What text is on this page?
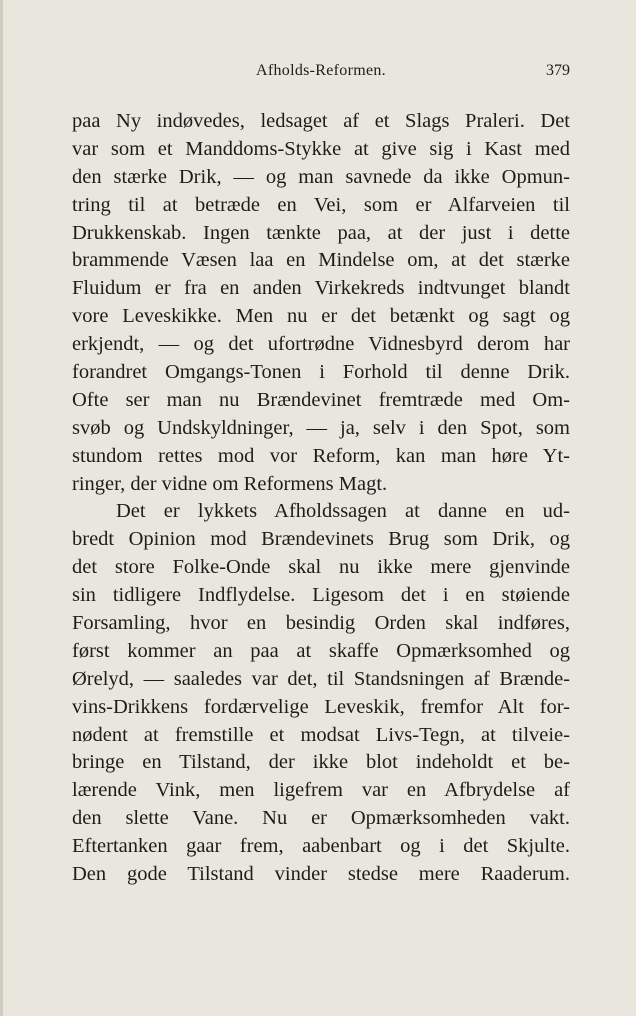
Afholds-Reformen.	379
paa Ny indøvedes, ledsaget af et Slags Praleri. Det
var som et Manddoms-Stykke at give sig i Kast med
den stærke Drik, — og man savnede da ikke Opmun-
tring til at betræde en Vei, som er Alfarveien til
Drukkenskab. Ingen tænkte paa, at der just i dette
brammende Væsen laa en Mindelse om, at det stærke
Fluidum er fra en anden Virkekreds indtvunget blandt
vore Leveskikke. Men nu er det betænkt og sagt og
erkjendt, — og det ufortrødne Vidnesbyrd derom har
forandret Omgangs-Tonen i Forhold til denne Drik.
Ofte ser man nu Brændevinet fremtræde med Om-
svøb og Undskyldninger, — ja, selv i den Spot, som
stundom rettes mod vor Reform, kan man høre Yt-
ringer, der vidne om Reformens Magt.
Det er lykkets Afholdssagen at danne en ud-
bredt Opinion mod Brændevinets Brug som Drik, og
det store Folke-Onde skal nu ikke mere gjenvinde
sin tidligere Indflydelse. Ligesom det i en støiende
Forsamling, hvor en besindig Orden skal indføres,
først kommer an paa at skaffe Opmærksomhed og
Ørelyd, — saaledes var det, til Standsningen af Brænde-
vins-Drikkens fordærvelige Leveskik, fremfor Alt for-
nødent at fremstille et modsat Livs-Tegn, at tilveie-
bringe en Tilstand, der ikke blot indeholdt et be-
lærende Vink, men ligefrem var en Afbrydelse af
den slette Vane. Nu er Opmærksomheden vakt.
Eftertanken gaar frem, aabenbart og i det Skjulte.
Den gode Tilstand vinder stedse mere Raaderum.
